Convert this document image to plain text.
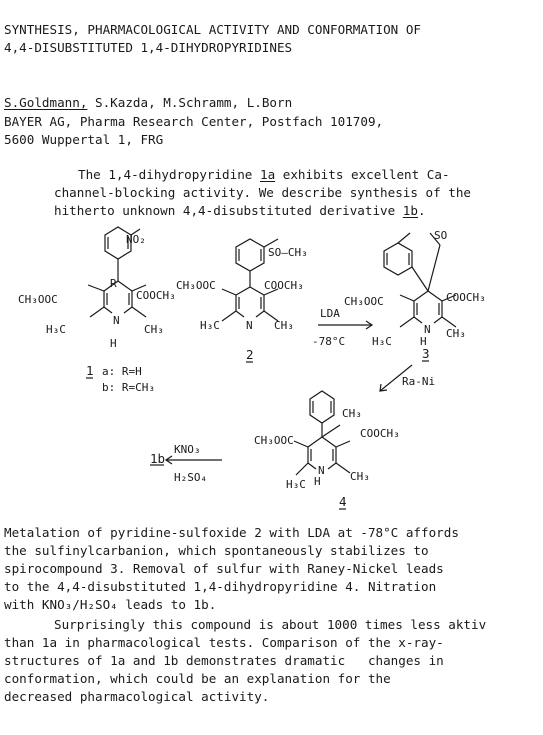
SYNTHESIS, PHARMACOLOGICAL ACTIVITY AND CONFORMATION OF
4,4-DISUBSTITUTED 1,4-DIHYDROPYRIDINES
S.Goldmann, S.Kazda, M.Schramm, L.Born
BAYER AG, Pharma Research Center, Postfach 101709,
5600 Wuppertal 1, FRG
The 1,4-dihydropyridine 1a exhibits excellent Ca-
channel-blocking activity. We describe synthesis of the
hitherto unknown 4,4-disubstituted derivative 1b.
NO₂
R
CH₃OOC	COOCH₃
H₃C	CH₃
N
H
1 a: R=H
b: R=CH₃
SO–CH₃
CH₃OOC	COOCH₃
H₃C	CH₃
N
2
LDA
-78°C
SO
CH₃OOC	COOCH₃
H₃C
CH₃
N
H
3
Ra-Ni
CH₃
COOCH₃
CH₃OOC
H₃C
CH₃
N
H
4
KNO₃
H₂SO₄
1b
Metalation of pyridine-sulfoxide 2 with LDA at -78°C affords
the sulfinylcarbanion, which spontaneously stabilizes to
spirocompound 3. Removal of sulfur with Raney-Nickel leads
to the 4,4-disubstituted 1,4-dihydropyridine 4. Nitration
with KNO₃/H₂SO₄ leads to 1b.
Surprisingly this compound is about 1000 times less aktiv
than 1a in pharmacological tests. Comparison of the x-ray-
structures of 1a and 1b demonstrates dramatic   changes in
conformation, which could be an explanation for the
decreased pharmacological activity.
